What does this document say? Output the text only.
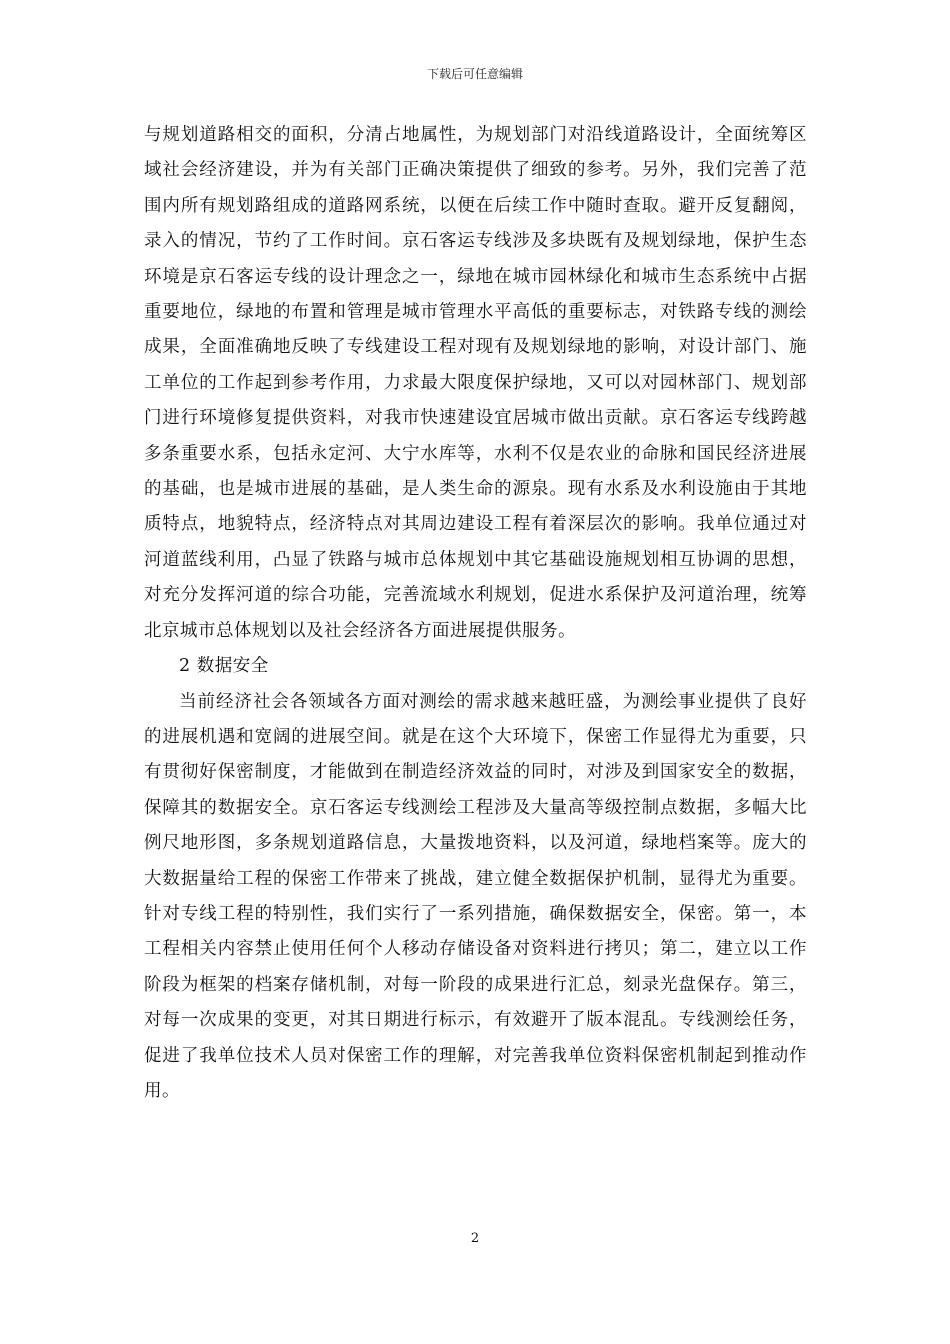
下载后可任意编辑

与规划道路相交的面积，分清占地属性，为规划部门对沿线道路设计，全面统筹区域社会经济建设，并为有关部门正确决策提供了细致的参考。另外，我们完善了范围内所有规划路组成的道路网系统，以便在后续工作中随时查取。避开反复翻阅，录入的情况，节约了工作时间。京石客运专线涉及多块既有及规划绿地，保护生态环境是京石客运专线的设计理念之一，绿地在城市园林绿化和城市生态系统中占据重要地位，绿地的布置和管理是城市管理水平高低的重要标志，对铁路专线的测绘成果，全面准确地反映了专线建设工程对现有及规划绿地的影响，对设计部门、施工单位的工作起到参考作用，力求最大限度保护绿地，又可以对园林部门、规划部门进行环境修复提供资料，对我市快速建设宜居城市做出贡献。京石客运专线跨越多条重要水系，包括永定河、大宁水库等，水利不仅是农业的命脉和国民经济进展的基础，也是城市进展的基础，是人类生命的源泉。现有水系及水利设施由于其地质特点，地貌特点，经济特点对其周边建设工程有着深层次的影响。我单位通过对河道蓝线利用，凸显了铁路与城市总体规划中其它基础设施规划相互协调的思想，对充分发挥河道的综合功能，完善流域水利规划，促进水系保护及河道治理，统筹北京城市总体规划以及社会经济各方面进展提供服务。

2 数据安全

当前经济社会各领域各方面对测绘的需求越来越旺盛，为测绘事业提供了良好的进展机遇和宽阔的进展空间。就是在这个大环境下，保密工作显得尤为重要，只有贯彻好保密制度，才能做到在制造经济效益的同时，对涉及到国家安全的数据，保障其的数据安全。京石客运专线测绘工程涉及大量高等级控制点数据，多幅大比例尺地形图，多条规划道路信息，大量拨地资料，以及河道，绿地档案等。庞大的大数据量给工程的保密工作带来了挑战，建立健全数据保护机制，显得尤为重要。针对专线工程的特别性，我们实行了一系列措施，确保数据安全，保密。第一，本工程相关内容禁止使用任何个人移动存储设备对资料进行拷贝；第二，建立以工作阶段为框架的档案存储机制，对每一阶段的成果进行汇总，刻录光盘保存。第三，对每一次成果的变更，对其日期进行标示，有效避开了版本混乱。专线测绘任务，促进了我单位技术人员对保密工作的理解，对完善我单位资料保密机制起到推动作用。

2
